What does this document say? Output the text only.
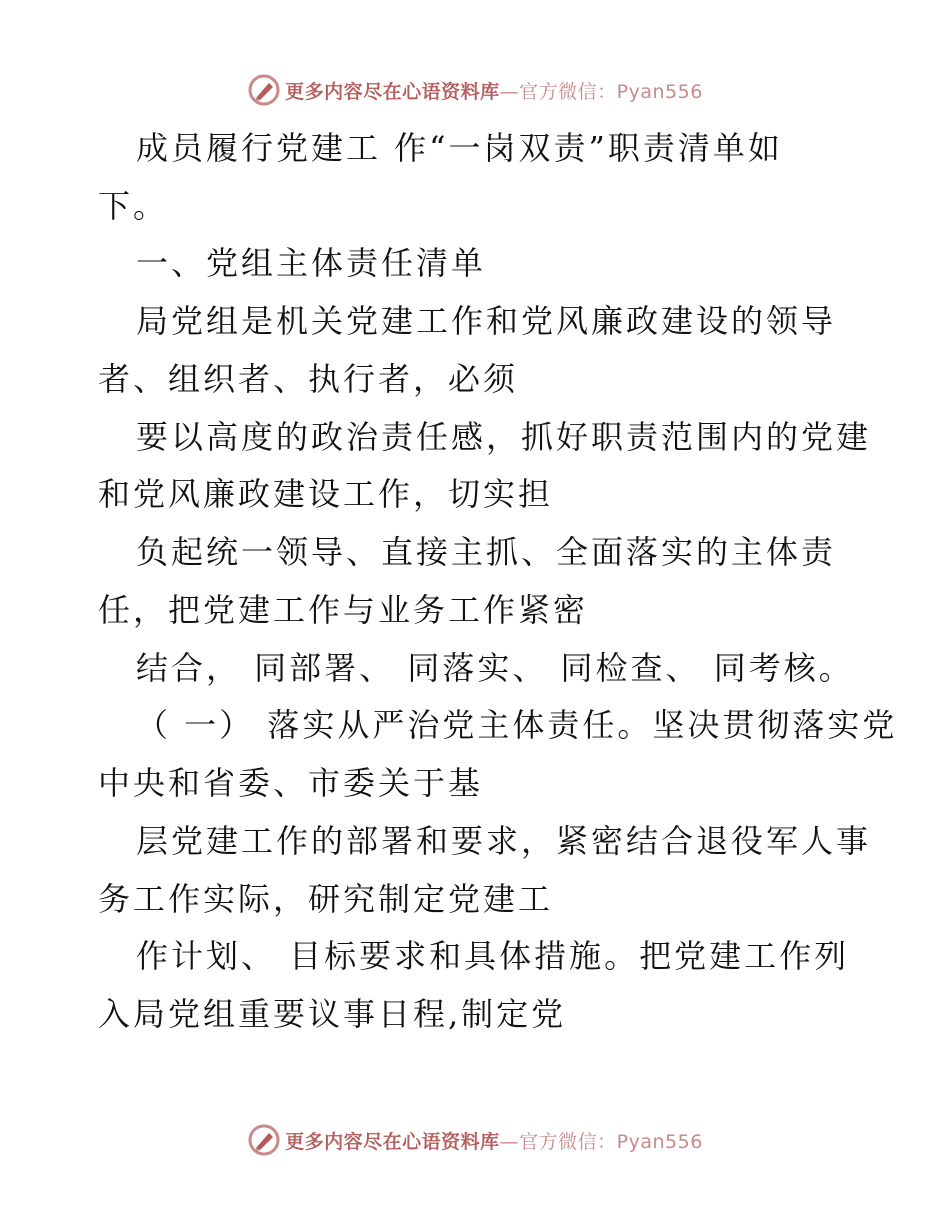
更多内容尽在心语资料库—官方微信：Pyan556
成员履行党建工 作“一岗双责”职责清单如
下。
一、党组主体责任清单
局党组是机关党建工作和党风廉政建设的领导
者、组织者、执行者，必须
要以高度的政治责任感，抓好职责范围内的党建
和党风廉政建设工作，切实担
负起统一领导、直接主抓、全面落实的主体责
任，把党建工作与业务工作紧密
结合， 同部署、 同落实、 同检查、 同考核。
（ 一） 落实从严治党主体责任。坚决贯彻落实党
中央和省委、市委关于基
层党建工作的部署和要求，紧密结合退役军人事
务工作实际，研究制定党建工
作计划、 目标要求和具体措施。把党建工作列
入局党组重要议事日程,制定党
更多内容尽在心语资料库—官方微信：Pyan556
